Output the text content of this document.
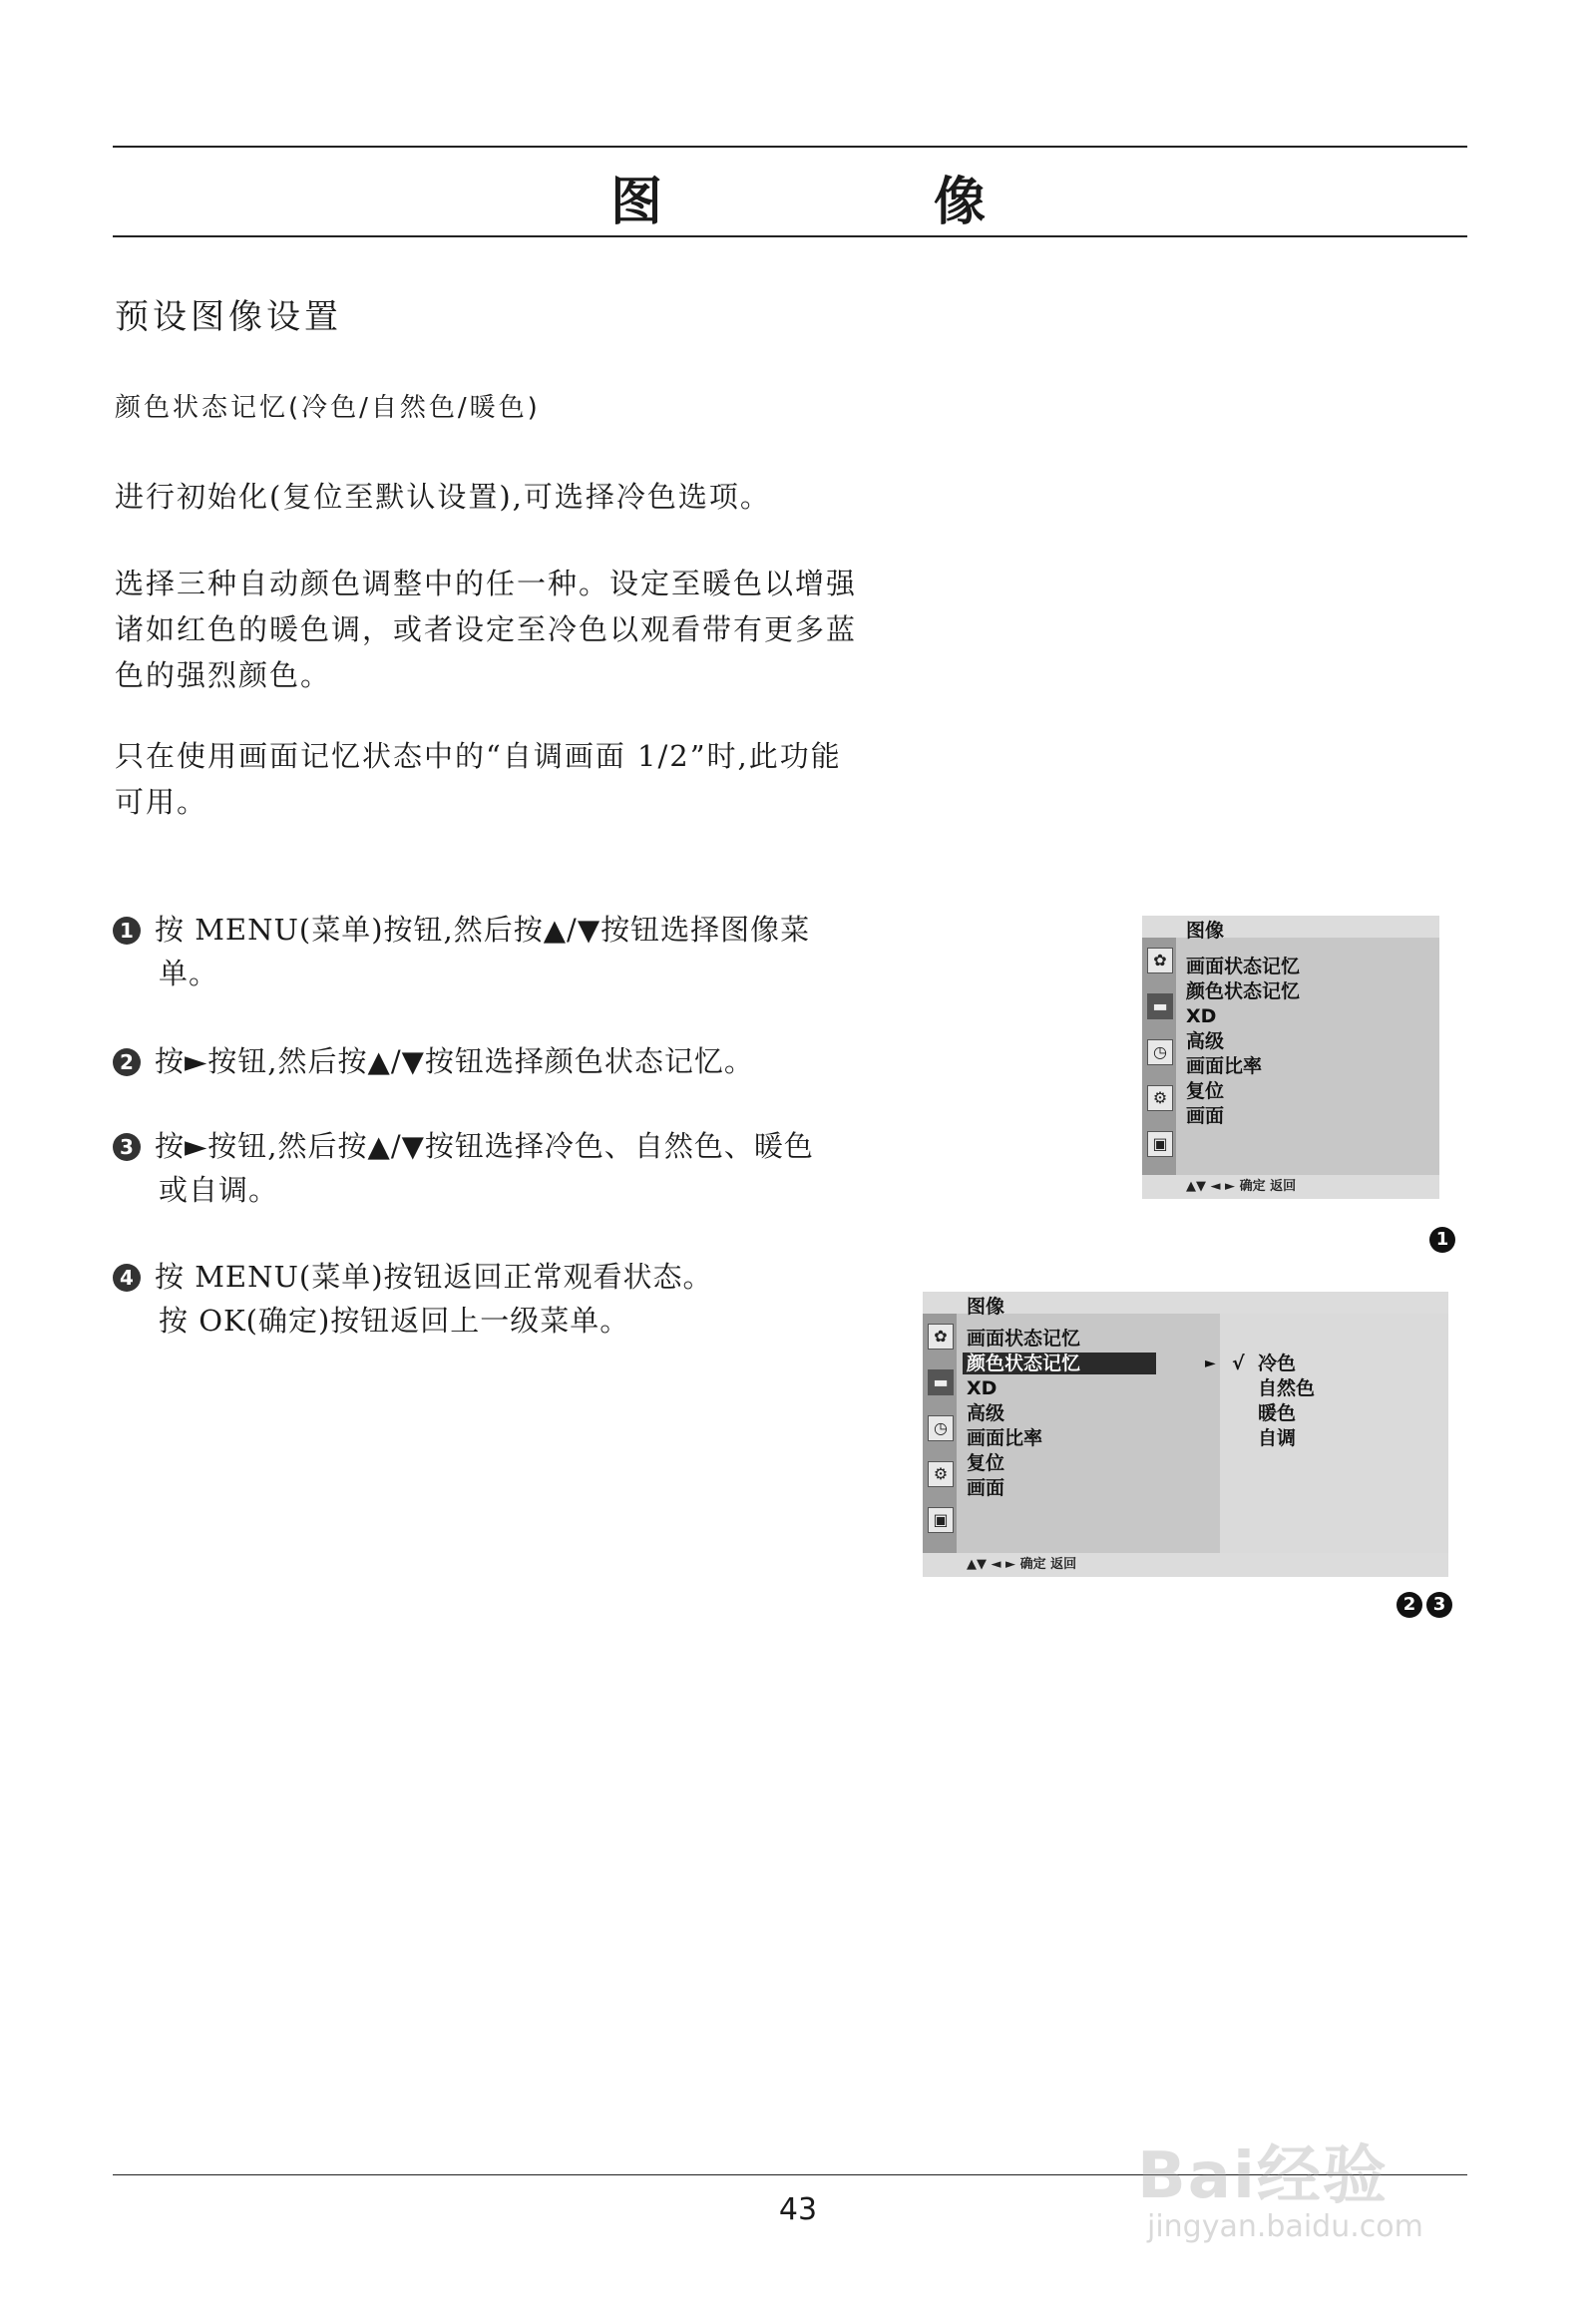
图　像
预设图像设置
颜色状态记忆(冷色/自然色/暖色)
进行初始化(复位至默认设置),可选择冷色选项。
选择三种自动颜色调整中的任一种。设定至暖色以增强诸如红色的暖色调，或者设定至冷色以观看带有更多蓝色的强烈颜色。
只在使用画面记忆状态中的“自调画面 1/2”时,此功能可用。
1 按 MENU(菜单)按钮,然后按▲/▼按钮选择图像菜
单。
2 按►按钮,然后按▲/▼按钮选择颜色状态记忆。
3 按►按钮,然后按▲/▼按钮选择冷色、自然色、暖色
或自调。
4 按 MENU(菜单)按钮返回正常观看状态。
按 OK(确定)按钮返回上一级菜单。
图像
✿
▬
◷
⚙
▣
画面状态记忆
颜色状态记忆
XD
高级
画面比率
复位
画面
▲▼ ◄ ► 确定 返回
1
图像
✿
▬
◷
⚙
▣
画面状态记忆
颜色状态记忆	►
XD
高级
画面比率
复位
画面
√ 冷色
自然色
暖色
自调
▲▼ ◄ ► 确定 返回
2 3
43	Bai经验
jingyan.baidu.com
